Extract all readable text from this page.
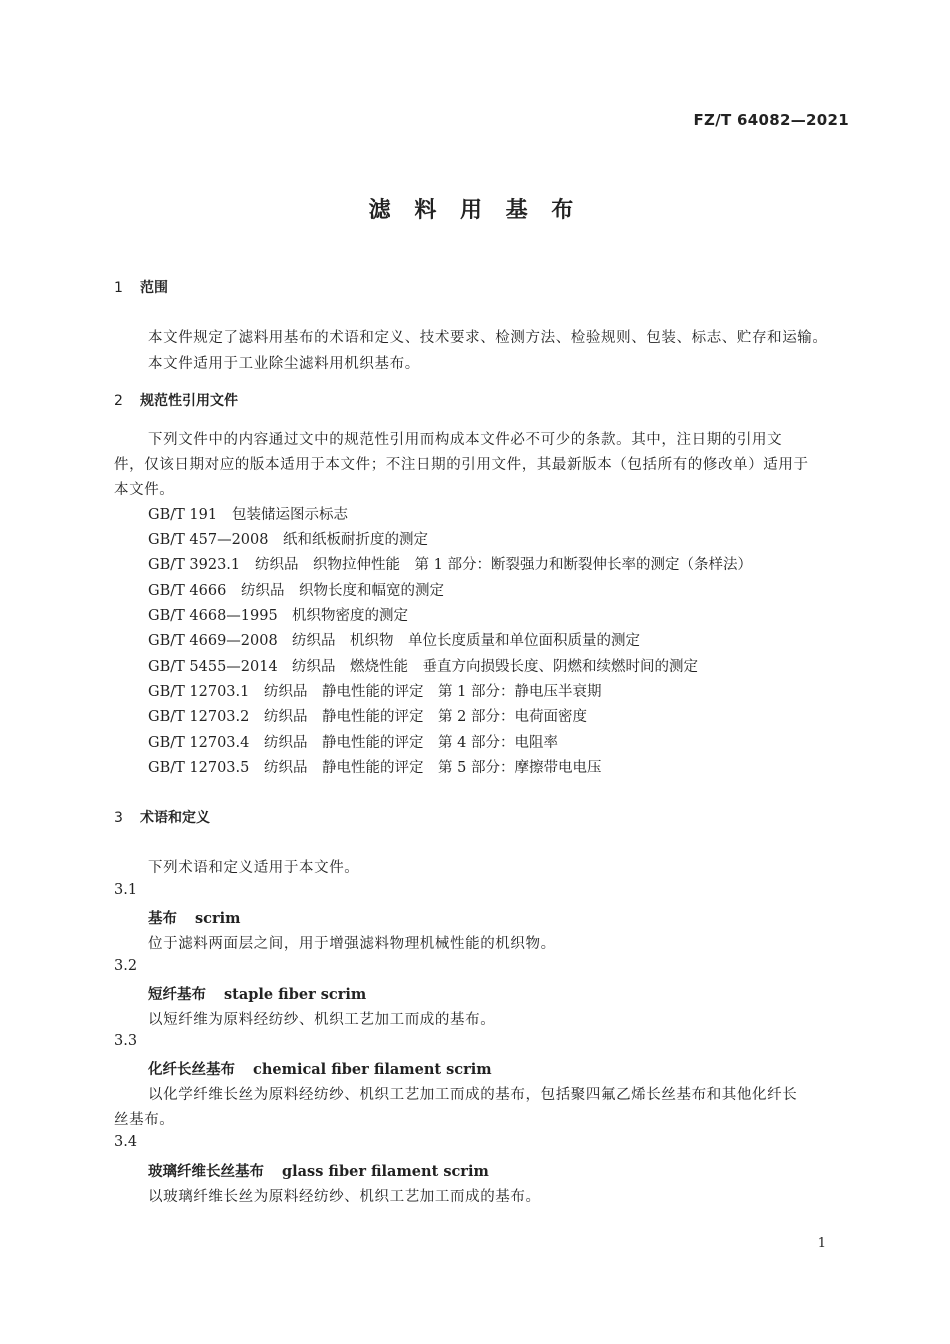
FZ/T 64082—2021
滤 料 用 基 布
1 范围
本文件规定了滤料用基布的术语和定义、技术要求、检测方法、检验规则、包装、标志、贮存和运输。
本文件适用于工业除尘滤料用机织基布。
2 规范性引用文件
下列文件中的内容通过文中的规范性引用而构成本文件必不可少的条款。其中，注日期的引用文
件，仅该日期对应的版本适用于本文件；不注日期的引用文件，其最新版本（包括所有的修改单）适用于
本文件。
GB/T 191 包装储运图示标志
GB/T 457—2008 纸和纸板耐折度的测定
GB/T 3923.1 纺织品　织物拉伸性能　第 1 部分：断裂强力和断裂伸长率的测定（条样法）
GB/T 4666 纺织品　织物长度和幅宽的测定
GB/T 4668—1995 机织物密度的测定
GB/T 4669—2008 纺织品　机织物　单位长度质量和单位面积质量的测定
GB/T 5455—2014 纺织品　燃烧性能　垂直方向损毁长度、阴燃和续燃时间的测定
GB/T 12703.1 纺织品　静电性能的评定　第 1 部分：静电压半衰期
GB/T 12703.2 纺织品　静电性能的评定　第 2 部分：电荷面密度
GB/T 12703.4 纺织品　静电性能的评定　第 4 部分：电阻率
GB/T 12703.5 纺织品　静电性能的评定　第 5 部分：摩擦带电电压
3 术语和定义
下列术语和定义适用于本文件。
3.1
基布 scrim
位于滤料两面层之间，用于增强滤料物理机械性能的机织物。
3.2
短纤基布 staple fiber scrim
以短纤维为原料经纺纱、机织工艺加工而成的基布。
3.3
化纤长丝基布 chemical fiber filament scrim
以化学纤维长丝为原料经纺纱、机织工艺加工而成的基布，包括聚四氟乙烯长丝基布和其他化纤长
丝基布。
3.4
玻璃纤维长丝基布 glass fiber filament scrim
以玻璃纤维长丝为原料经纺纱、机织工艺加工而成的基布。
1
